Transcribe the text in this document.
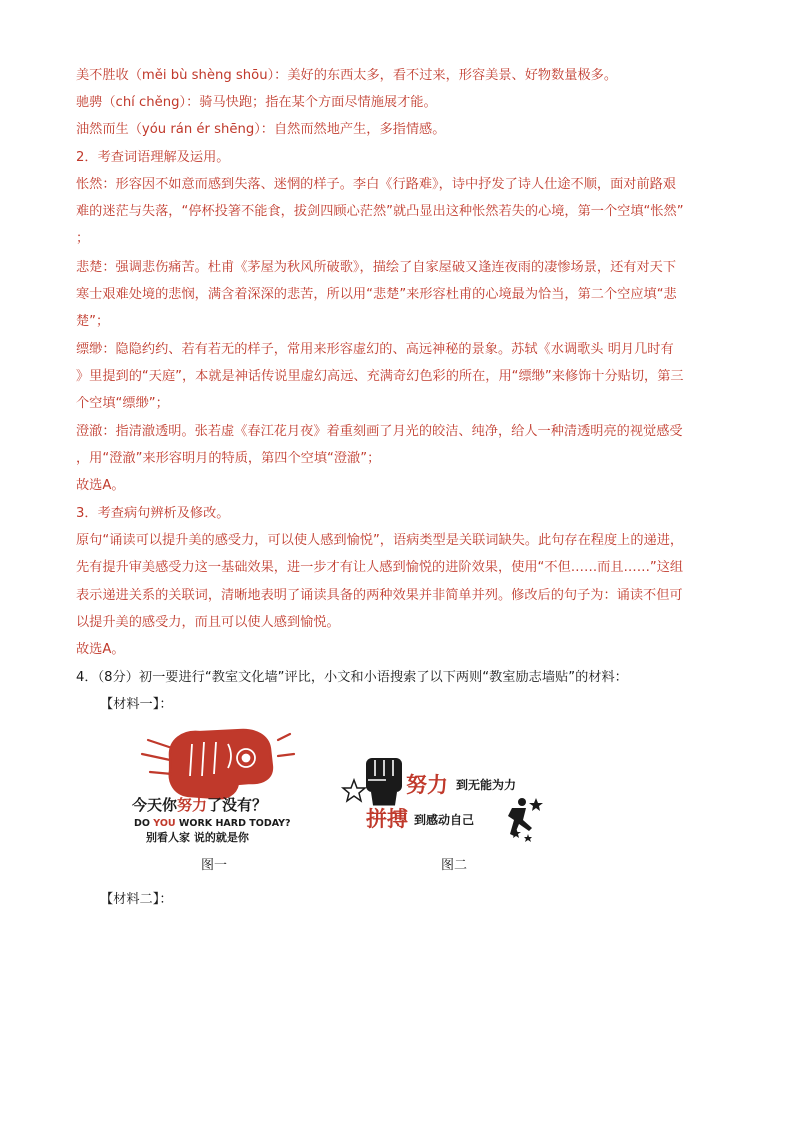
美不胜收（měi bù shèng shōu）：美好的东西太多，看不过来，形容美景、好物数量极多。
驰骋（chí chěng）：骑马快跑；指在某个方面尽情施展才能。
油然而生（yóu rán ér shēng）：自然而然地产生，多指情感。
2．考查词语理解及运用。
怅然：形容因不如意而感到失落、迷惘的样子。李白《行路难》，诗中抒发了诗人仕途不顺，面对前路艰
难的迷茫与失落，“停杯投箸不能食，拔剑四顾心茫然”就凸显出这种怅然若失的心境，第一个空填“怅然”
；
悲楚：强调悲伤痛苦。杜甫《茅屋为秋风所破歌》，描绘了自家屋破又逢连夜雨的凄惨场景，还有对天下
寒士艰难处境的悲悯，满含着深深的悲苦，所以用“悲楚”来形容杜甫的心境最为恰当，第二个空应填“悲
楚”；
缥缈：隐隐约约、若有若无的样子，常用来形容虚幻的、高远神秘的景象。苏轼《水调歌头 明月几时有
》里提到的“天庭”，本就是神话传说里虚幻高远、充满奇幻色彩的所在，用“缥缈”来修饰十分贴切，第三
个空填“缥缈”；
澄澈：指清澈透明。张若虚《春江花月夜》着重刻画了月光的皎洁、纯净，给人一种清透明亮的视觉感受
，用“澄澈”来形容明月的特质，第四个空填“澄澈”；
故选A。
3．考查病句辨析及修改。
原句“诵读可以提升美的感受力，可以使人感到愉悦”，语病类型是关联词缺失。此句存在程度上的递进，
先有提升审美感受力这一基础效果，进一步才有让人感到愉悦的进阶效果，使用“不但……而且……”这组
表示递进关系的关联词，清晰地表明了诵读具备的两种效果并非简单并列。修改后的句子为：诵读不但可
以提升美的感受力，而且可以使人感到愉悦。
故选A。
4．（8分）初一要进行“教室文化墙”评比，小文和小语搜索了以下两则“教室励志墙贴”的材料：
【材料一】：
今天你努力了没有？
DO YOU WORK HARD TODAY?
别看人家 说的就是你
图一
努力 到无能为力
拼搏 到感动自己
图二
【材料二】：
